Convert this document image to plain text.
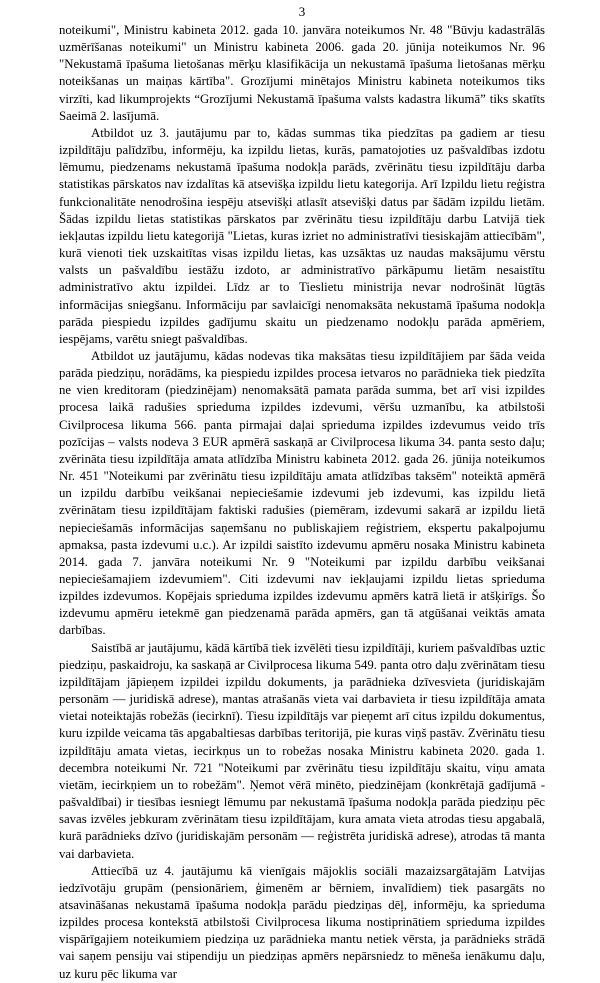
3

noteikumi", Ministru kabineta 2012. gada 10. janvāra noteikumos Nr. 48 "Būvju kadastrālās uzmērīšanas noteikumi" un Ministru kabineta 2006. gada 20. jūnija noteikumos Nr. 96 "Nekustamā īpašuma lietošanas mērķu klasifikācija un nekustamā īpašuma lietošanas mērķu noteikšanas un maiņas kārtība". Grozījumi minētajos Ministru kabineta noteikumos tiks virzīti, kad likumprojekts “Grozījumi Nekustamā īpašuma valsts kadastra likumā” tiks skatīts Saeimā 2. lasījumā.

Atbildot uz 3. jautājumu par to, kādas summas tika piedzītas pa gadiem ar tiesu izpildītāju palīdzību, informēju, ka izpildu lietas, kurās, pamatojoties uz pašvaldības izdotu lēmumu, piedzenams nekustamā īpašuma nodokļa parāds, zvērinātu tiesu izpildītāju darba statistikas pārskatos nav izdalītas kā atsevišķa izpildu lietu kategorija. Arī Izpildu lietu reģistra funkcionalitāte nenodrošina iespēju atsevišķi atlasīt atsevišķi datus par šādām izpildu lietām. Šādas izpildu lietas statistikas pārskatos par zvērinātu tiesu izpildītāju darbu Latvijā tiek iekļautas izpildu lietu kategorijā "Lietas, kuras izriet no administratīvi tiesiskajām attiecībām", kurā vienoti tiek uzskaitītas visas izpildu lietas, kas uzsāktas uz naudas maksājumu vērstu valsts un pašvaldību iestāžu izdoto, ar administratīvo pārkāpumu lietām nesaistītu administratīvo aktu izpildei. Līdz ar to Tieslietu ministrija nevar nodrošināt lūgtās informācijas sniegšanu. Informāciju par savlaicīgi nenomaksāta nekustamā īpašuma nodokļa parāda piespiedu izpildes gadījumu skaitu un piedzenamo nodokļu parāda apmēriem, iespējams, varētu sniegt pašvaldības.

Atbildot uz jautājumu, kādas nodevas tika maksātas tiesu izpildītājiem par šāda veida parāda piedziņu, norādāms, ka piespiedu izpildes procesa ietvaros no parādnieka tiek piedzīta ne vien kreditoram (piedzinējam) nenomaksātā pamata parāda summa, bet arī visi izpildes procesa laikā radušies sprieduma izpildes izdevumi, vēršu uzmanību, ka atbilstoši Civilprocesa likuma 566. panta pirmajai daļai sprieduma izpildes izdevumus veido trīs pozīcijas – valsts nodeva 3 EUR apmērā saskaņā ar Civilprocesa likuma 34. panta sesto daļu; zvērināta tiesu izpildītāja amata atlīdzība Ministru kabineta 2012. gada 26. jūnija noteikumos Nr. 451 "Noteikumi par zvērinātu tiesu izpildītāju amata atlīdzības taksēm" noteiktā apmērā un izpildu darbību veikšanai nepieciešamie izdevumi jeb izdevumi, kas izpildu lietā zvērinātam tiesu izpildītājam faktiski radušies (piemēram, izdevumi sakarā ar izpildu lietā nepieciešamās informācijas saņemšanu no publiskajiem reģistriem, ekspertu pakalpojumu apmaksa, pasta izdevumi u.c.). Ar izpildi saistīto izdevumu apmēru nosaka Ministru kabineta 2014. gada 7. janvāra noteikumi Nr. 9 "Noteikumi par izpildu darbību veikšanai nepieciešamajiem izdevumiem". Citi izdevumi nav iekļaujami izpildu lietas sprieduma izpildes izdevumos. Kopējais sprieduma izpildes izdevumu apmērs katrā lietā ir atšķirīgs. Šo izdevumu apmēru ietekmē gan piedzenamā parāda apmērs, gan tā atgūšanai veiktās amata darbības.

Saistībā ar jautājumu, kādā kārtībā tiek izvēlēti tiesu izpildītāji, kuriem pašvaldības uztic piedziņu, paskaidroju, ka saskaņā ar Civilprocesa likuma 549. panta otro daļu zvērinātam tiesu izpildītājam jāpieņem izpildei izpildu dokuments, ja parādnieka dzīvesvieta (juridiskajām personām — juridiskā adrese), mantas atrašanās vieta vai darbavieta ir tiesu izpildītāja amata vietai noteiktajās robežās (iecirknī). Tiesu izpildītājs var pieņemt arī citus izpildu dokumentus, kuru izpilde veicama tās apgabaltiesas darbības teritorijā, pie kuras viņš pastāv. Zvērinātu tiesu izpildītāju amata vietas, iecirkņus un to robežas nosaka Ministru kabineta 2020. gada 1. decembra noteikumi Nr. 721 "Noteikumi par zvērinātu tiesu izpildītāju skaitu, viņu amata vietām, iecirkņiem un to robežām". Ņemot vērā minēto, piedzinējam (konkrētajā gadījumā - pašvaldībai) ir tiesības iesniegt lēmumu par nekustamā īpašuma nodokļa parāda piedziņu pēc savas izvēles jebkuram zvērinātam tiesu izpildītājam, kura amata vieta atrodas tiesu apgabalā, kurā parādnieks dzīvo (juridiskajām personām — reģistrēta juridiskā adrese), atrodas tā manta vai darbavieta.

Attiecībā uz 4. jautājumu kā vienīgais mājoklis sociāli mazaizsargātajām Latvijas iedzīvotāju grupām (pensionāriem, ģimenēm ar bērniem, invalīdiem) tiek pasargāts no atsavināšanas nekustamā īpašuma nodokļa parādu piedziņas dēļ, informēju, ka sprieduma izpildes procesa kontekstā atbilstoši Civilprocesa likuma nostiprinātiem sprieduma izpildes vispārīgajiem noteikumiem piedziņa uz parādnieka mantu netiek vērsta, ja parādnieks strādā vai saņem pensiju vai stipendiju un piedziņas apmērs nepārsniedz to mēneša ienākumu daļu, uz kuru pēc likuma var
